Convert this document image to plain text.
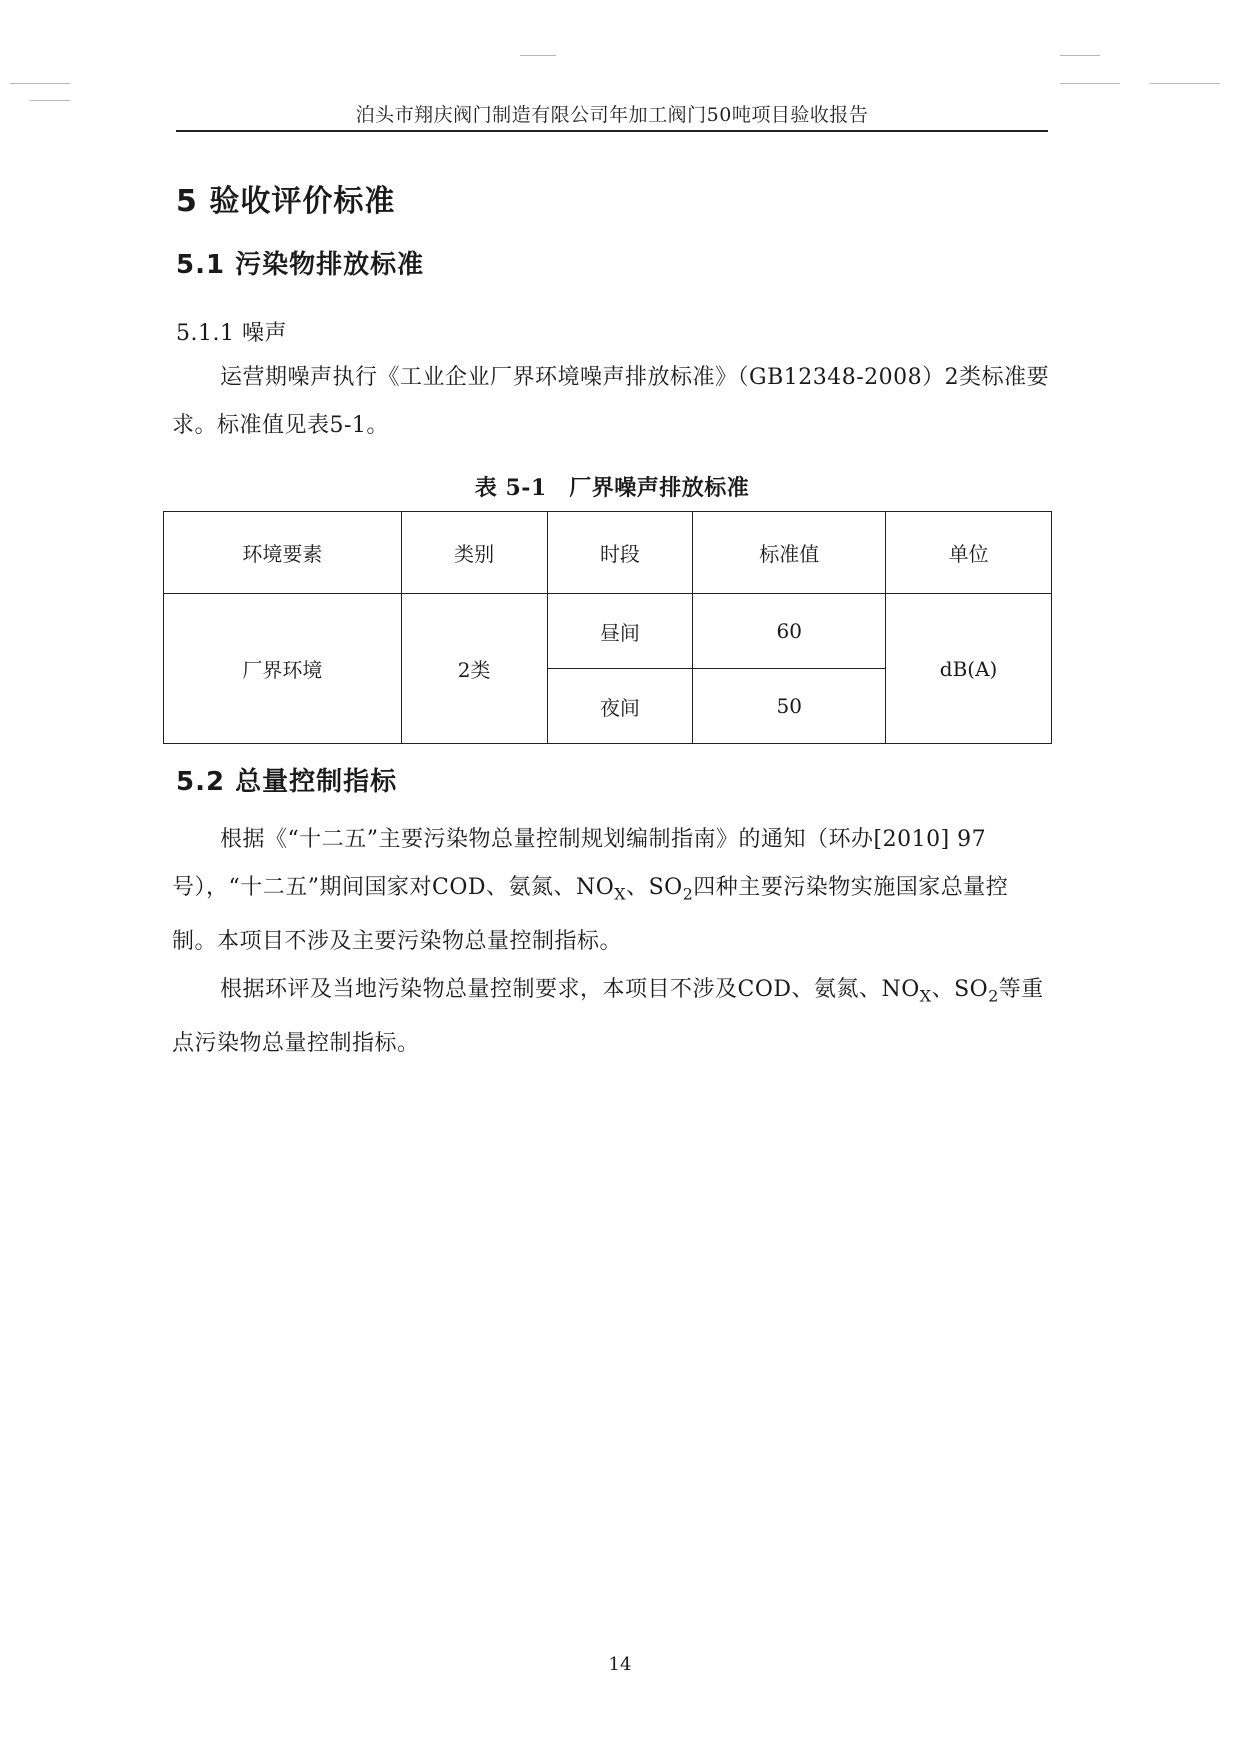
泊头市翔庆阀门制造有限公司年加工阀门50吨项目验收报告
5 验收评价标准
5.1 污染物排放标准
5.1.1 噪声

运营期噪声执行《工业企业厂界环境噪声排放标准》（GB12348-2008）2类标准要求。标准值见表5-1。

表 5-1　厂界噪声排放标准
环境要素	类别	时段	标准值	单位
厂界环境	2类	昼间	60	dB(A)
		夜间	50	
5.2 总量控制指标

根据《“十二五”主要污染物总量控制规划编制指南》的通知（环办[2010] 97号），“十二五”期间国家对COD、氨氮、$NO_X$、$SO_2$四种主要污染物实施国家总量控制。本项目不涉及主要污染物总量控制指标。

根据环评及当地污染物总量控制要求，本项目不涉及COD、氨氮、$NO_X$、$SO_2$等重点污染物总量控制指标。

14
